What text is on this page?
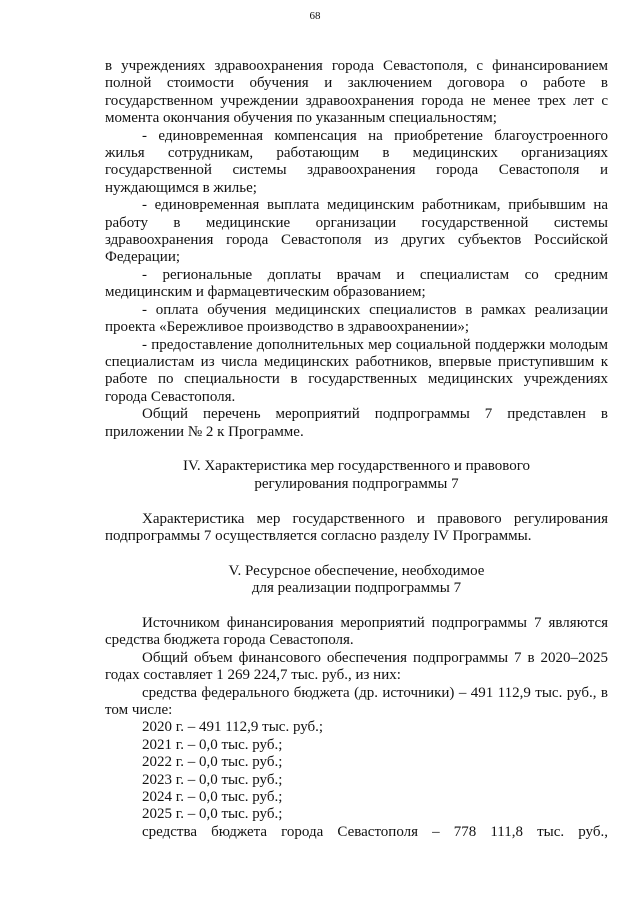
68

в учреждениях здравоохранения города Севастополя, с финансированием полной стоимости обучения и заключением договора о работе в государственном учреждении здравоохранения города не менее трех лет с момента окончания обучения по указанным специальностям;

- единовременная компенсация на приобретение благоустроенного жилья сотрудникам, работающим в медицинских организациях государственной системы здравоохранения города Севастополя и нуждающимся в жилье;

- единовременная выплата медицинским работникам, прибывшим на работу в медицинские организации государственной системы здравоохранения города Севастополя из других субъектов Российской Федерации;

- региональные доплаты врачам и специалистам со средним медицинским и фармацевтическим образованием;

- оплата обучения медицинских специалистов в рамках реализации проекта «Бережливое производство в здравоохранении»;

- предоставление дополнительных мер социальной поддержки молодым специалистам из числа медицинских работников, впервые приступившим к работе по специальности в государственных медицинских учреждениях города Севастополя.

Общий перечень мероприятий подпрограммы 7 представлен в приложении № 2 к Программе.

IV. Характеристика мер государственного и правового

регулирования подпрограммы 7

Характеристика мер государственного и правового регулирования подпрограммы 7 осуществляется согласно разделу IV Программы.

V. Ресурсное обеспечение, необходимое

для реализации подпрограммы 7

Источником финансирования мероприятий подпрограммы 7 являются средства бюджета города Севастополя.

Общий объем финансового обеспечения подпрограммы 7 в 2020–2025 годах составляет 1 269 224,7 тыс. руб., из них:

средства федерального бюджета (др. источники) – 491 112,9 тыс. руб., в том числе:

2020 г. – 491 112,9 тыс. руб.;
2021 г. – 0,0 тыс. руб.;
2022 г. – 0,0 тыс. руб.;
2023 г. – 0,0 тыс. руб.;
2024 г. – 0,0 тыс. руб.;
2025 г. – 0,0 тыс. руб.;

средства бюджета города Севастополя – 778 111,8 тыс. руб.,
